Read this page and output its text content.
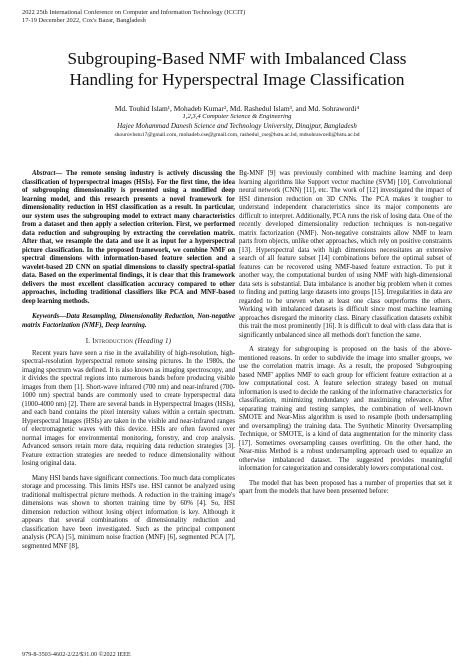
2022 25th International Conference on Computer and Information Technology (ICCIT)
17-19 December 2022, Cox's Bazar, Bangladesh
Subgrouping-Based NMF with Imbalanced Class
Handling for Hyperspectral Image Classification
Md. Touhid Islam¹, Mohadeb Kumar², Md. Rashedul Islam³, and Md. Sohrawordi⁴
1,2,3,4 Computer Science & Engineering
Hajee Mohammad Danesh Science and Technology University, Dinajpur, Bangladesh
shourovhstu17@gmail.com, mohadeb.cse@gmail.com, rashedul_cse@hstu.ac.bd, mdsohrawordi@hstu.ac.bd

Abstract— The remote sensing industry is actively discussing the classification of hyperspectral images (HSIs). For the first time, the idea of subgrouping dimensionality is presented using a modified deep learning model, and this research presents a novel framework for dimensionality reduction in HSI classification as a result. In particular, our system uses the subgrouping model to extract many characteristics from a dataset and then apply a selection criterion. First, we performed data reduction and subgrouping by extracting the correlation matrix. After that, we resample the data and use it as input for a hyperspectral picture classification. In the proposed framework, we combine NMF on spectral dimensions with information-based feature selection and a wavelet-based 2D CNN on spatial dimensions to classify spectral-spatial data. Based on the experimental findings, it is clear that this framework delivers the most excellent classification accuracy compared to other approaches, including traditional classifiers like PCA and MNF-based deep learning methods.

Keywords—Data Resampling, Dimensionality Reduction, Non-negative matrix Factorization (NMF), Deep learning.

I. Introduction (Heading 1)

Recent years have seen a rise in the availability of high-resolution, high-spectral-resolution hyperspectral remote sensing pictures. In the 1980s, the imaging spectrum was defined. It is also known as imaging spectroscopy, and it divides the spectral regions into numerous bands before producing visible images from them [1]. Short-wave infrared (700 nm) and near-infrared (700-1000 nm) spectral bands are commonly used to create hyperspectral data (1000-4000 nm) [2]. There are several bands in Hyperspectral Images (HSIs), and each band contains the pixel intensity values within a certain spectrum. Hyperspectral Images (HSIs) are taken in the visible and near-infrared ranges of electromagnetic waves with this device. HSIs are often favored over normal images for environmental monitoring, forestry, and crop analysis. Advanced sensors retain more data, requiring data reduction strategies [3]. Feature extraction strategies are needed to reduce dimensionality without losing original data.

Many HSI bands have significant connections. Too much data complicates storage and processing. This limits HSI's use. HSI cannot be analyzed using traditional multispectral picture methods. A reduction in the training image's dimensions was shown to shorten training time by 60% [4]. So, HSI dimension reduction without losing object information is key. Although it appears that several combinations of dimensionality reduction and classification have been investigated. Such as the principal component analysis (PCA) [5], minimum noise fraction (MNF) [6], segmented PCA [7], segmented MNF [8],

Bg-MNF [9] was previously combined with machine learning and deep learning algorithms like Support vector machine (SVM) [10], Convolutional neural network (CNN) [11], etc. The work of [12] investigated the impact of HSI dimension reduction on 3D CNNs. The PCA makes it tougher to understand independent characteristics since its major components are difficult to interpret. Additionally, PCA runs the risk of losing data. One of the recently developed dimensionality reduction techniques is non-negative matrix factorization (NMF). Non-negative constraints allow NMF to learn parts from objects, unlike other approaches, which rely on positive constraints [13]. Hyperspectral data with high dimensions necessitates an extensive search of all feature subset [14] combinations before the optimal subset of features can be recovered using NMF-based feature extraction. To put it another way, the computational burden of using NMF with high-dimensional data sets is substantial. Data imbalance is another big problem when it comes to finding and putting large datasets into groups [15]. Irregularities in data are regarded to be uneven when at least one class outperforms the others. Working with imbalanced datasets is difficult since most machine learning approaches disregard the minority class. Binary classification datasets exhibit this trait the most prominently [16]. It is difficult to deal with class data that is significantly unbalanced since all methods don't function the same.

A strategy for subgrouping is proposed on the basis of the above-mentioned reasons. In order to subdivide the image into smaller groups, we use the correlation matrix image. As a result, the proposed 'Subgrouping based NMF' applies NMF to each group for efficient feature extraction at a low computational cost. A feature selection strategy based on mutual information is used to decide the ranking of the informative characteristics for classification, minimizing redundancy and maximizing relevance. After separating training and testing samples, the combination of well-known SMOTE and Near-Miss algorithm is used to resample (both undersampling and oversampling) the training data. The Synthetic Minority Oversampling Technique, or SMOTE, is a kind of data augmentation for the minority class [17]. Sometimes oversampling causes overfitting. On the other hand, the Near-miss Method is a robust undersampling approach used to equalize an otherwise imbalanced dataset. The suggested provides meaningful information for categorization and considerably lowers computational cost.

The model that has been proposed has a number of properties that set it apart from the models that have been presented before:

979-8-3503-4602-2/22/$31.00 ©2022 IEEE
